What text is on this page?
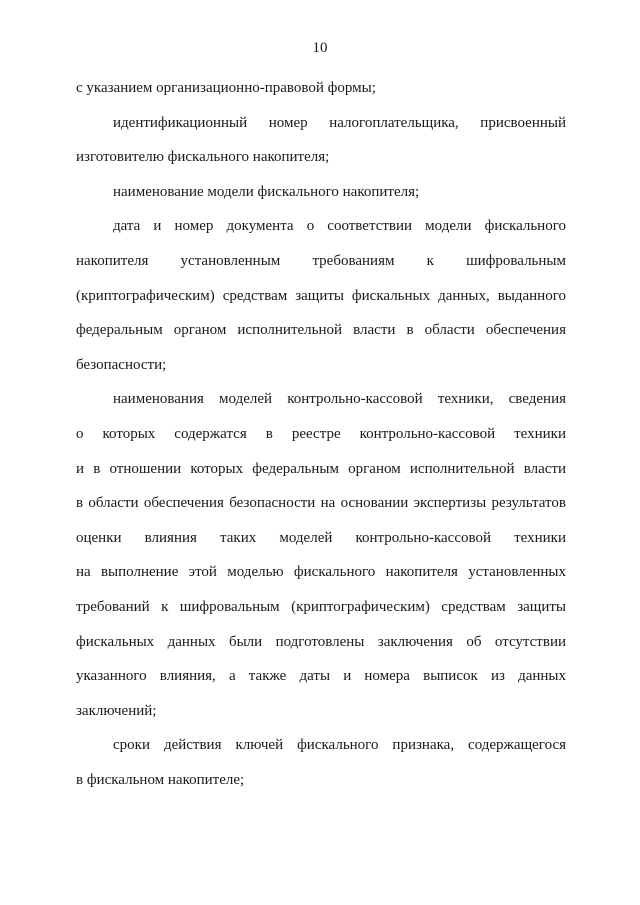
10

с указанием организационно-правовой формы;

идентификационный номер налогоплательщика, присвоенный
изготовителю фискального накопителя;

наименование модели фискального накопителя;

дата и номер документа о соответствии модели фискального
накопителя установленным требованиям к шифровальным
(криптографическим) средствам защиты фискальных данных, выданного
федеральным органом исполнительной власти в области обеспечения
безопасности;

наименования моделей контрольно-кассовой техники, сведения
о которых содержатся в реестре контрольно-кассовой техники
и в отношении которых федеральным органом исполнительной власти
в области обеспечения безопасности на основании экспертизы результатов
оценки влияния таких моделей контрольно-кассовой техники
на выполнение этой моделью фискального накопителя установленных
требований к шифровальным (криптографическим) средствам защиты
фискальных данных были подготовлены заключения об отсутствии
указанного влияния, а также даты и номера выписок из данных
заключений;

сроки действия ключей фискального признака, содержащегося
в фискальном накопителе;
